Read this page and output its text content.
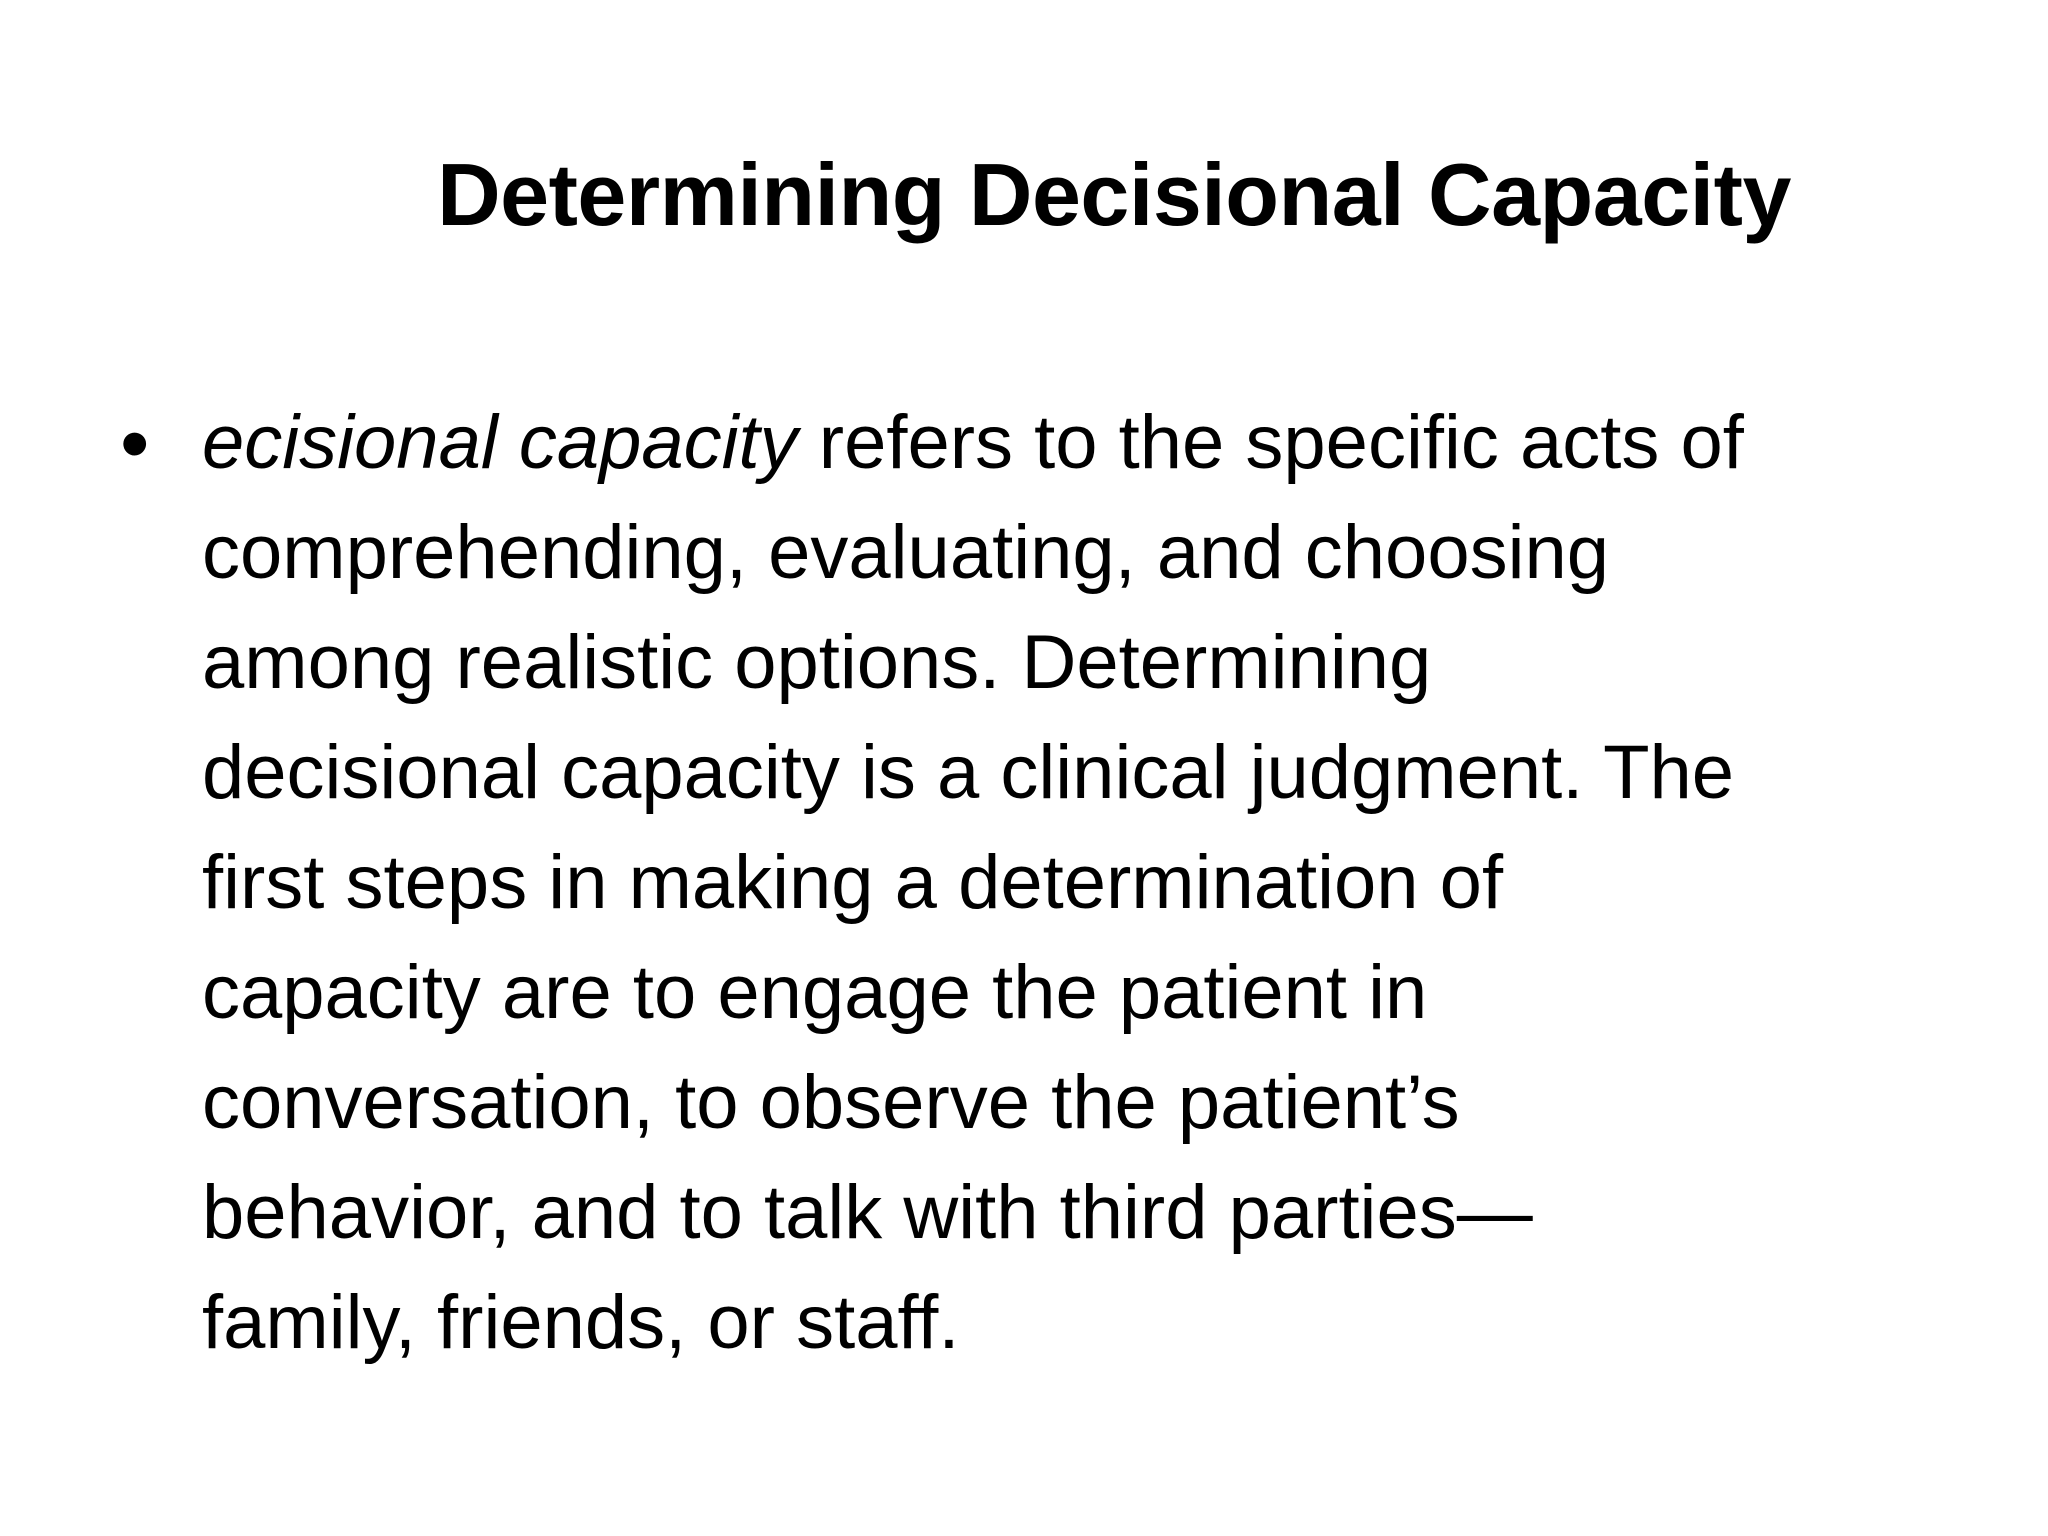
Determining Decisional Capacity
• ecisional capacity refers to the specific acts of
comprehending, evaluating, and choosing
among realistic options. Determining
decisional capacity is a clinical judgment. The
first steps in making a determination of
capacity are to engage the patient in
conversation, to observe the patient’s
behavior, and to talk with third parties—
family, friends, or staff.
